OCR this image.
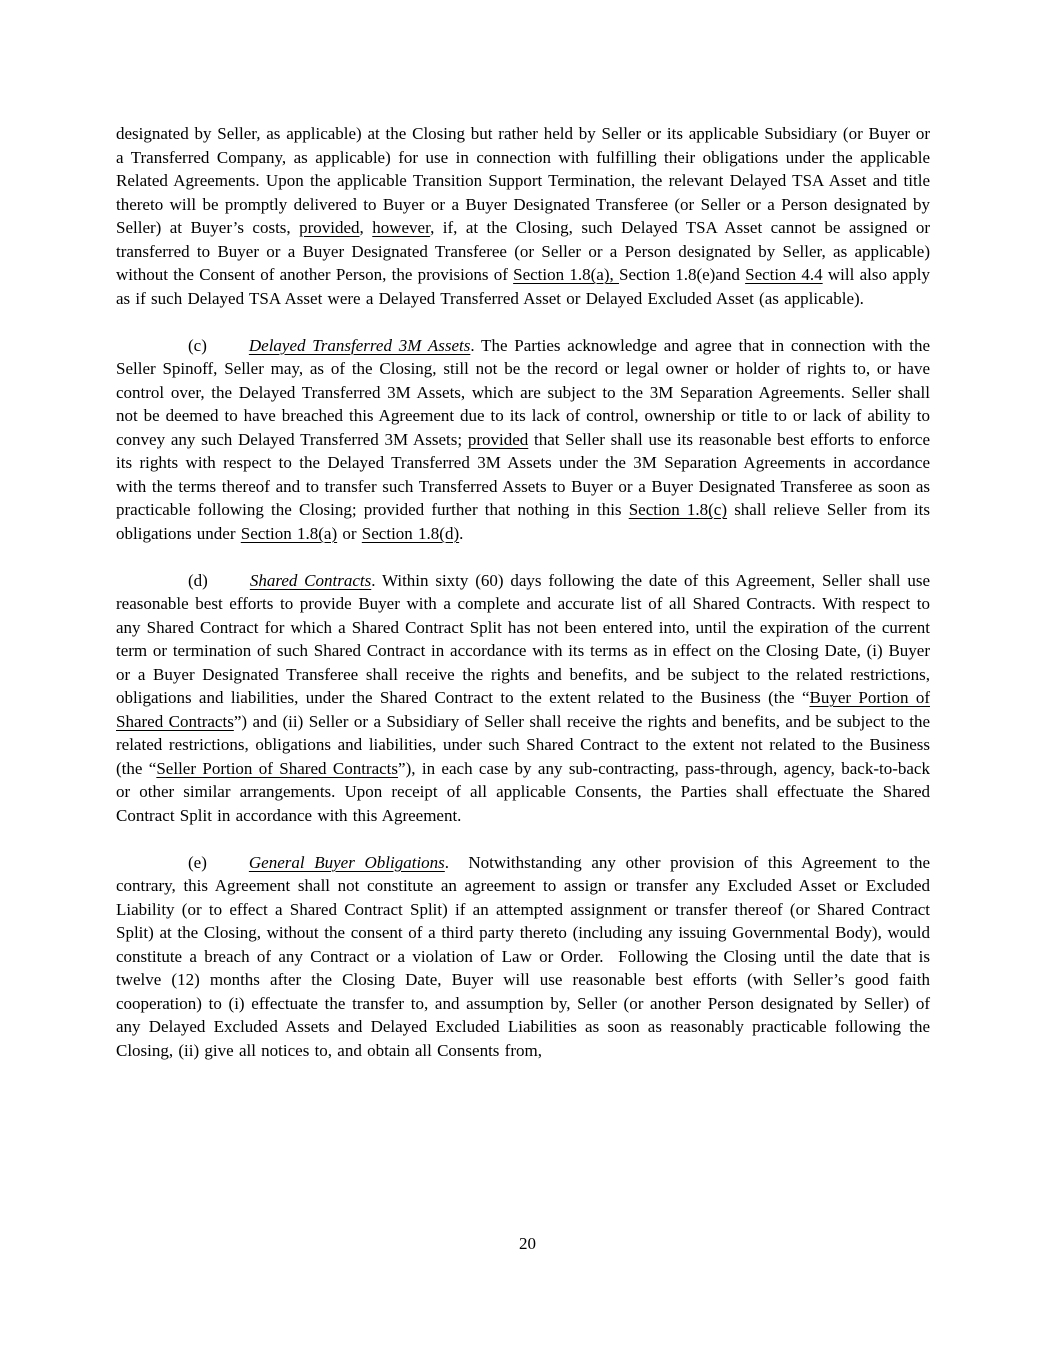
designated by Seller, as applicable) at the Closing but rather held by Seller or its applicable Subsidiary (or Buyer or a Transferred Company, as applicable) for use in connection with fulfilling their obligations under the applicable Related Agreements. Upon the applicable Transition Support Termination, the relevant Delayed TSA Asset and title thereto will be promptly delivered to Buyer or a Buyer Designated Transferee (or Seller or a Person designated by Seller) at Buyer’s costs, provided, however, if, at the Closing, such Delayed TSA Asset cannot be assigned or transferred to Buyer or a Buyer Designated Transferee (or Seller or a Person designated by Seller, as applicable) without the Consent of another Person, the provisions of Section 1.8(a), Section 1.8(e)and Section 4.4 will also apply as if such Delayed TSA Asset were a Delayed Transferred Asset or Delayed Excluded Asset (as applicable).

(c) Delayed Transferred 3M Assets. The Parties acknowledge and agree that in connection with the Seller Spinoff, Seller may, as of the Closing, still not be the record or legal owner or holder of rights to, or have control over, the Delayed Transferred 3M Assets, which are subject to the 3M Separation Agreements. Seller shall not be deemed to have breached this Agreement due to its lack of control, ownership or title to or lack of ability to convey any such Delayed Transferred 3M Assets; provided that Seller shall use its reasonable best efforts to enforce its rights with respect to the Delayed Transferred 3M Assets under the 3M Separation Agreements in accordance with the terms thereof and to transfer such Transferred Assets to Buyer or a Buyer Designated Transferee as soon as practicable following the Closing; provided further that nothing in this Section 1.8(c) shall relieve Seller from its obligations under Section 1.8(a) or Section 1.8(d).

(d) Shared Contracts. Within sixty (60) days following the date of this Agreement, Seller shall use reasonable best efforts to provide Buyer with a complete and accurate list of all Shared Contracts. With respect to any Shared Contract for which a Shared Contract Split has not been entered into, until the expiration of the current term or termination of such Shared Contract in accordance with its terms as in effect on the Closing Date, (i) Buyer or a Buyer Designated Transferee shall receive the rights and benefits, and be subject to the related restrictions, obligations and liabilities, under the Shared Contract to the extent related to the Business (the “Buyer Portion of Shared Contracts”) and (ii) Seller or a Subsidiary of Seller shall receive the rights and benefits, and be subject to the related restrictions, obligations and liabilities, under such Shared Contract to the extent not related to the Business (the “Seller Portion of Shared Contracts”), in each case by any sub-contracting, pass-through, agency, back-to-back or other similar arrangements. Upon receipt of all applicable Consents, the Parties shall effectuate the Shared Contract Split in accordance with this Agreement.

(e) General Buyer Obligations.  Notwithstanding any other provision of this Agreement to the contrary, this Agreement shall not constitute an agreement to assign or transfer any Excluded Asset or Excluded Liability (or to effect a Shared Contract Split) if an attempted assignment or transfer thereof (or Shared Contract Split) at the Closing, without the consent of a third party thereto (including any issuing Governmental Body), would constitute a breach of any Contract or a violation of Law or Order.  Following the Closing until the date that is twelve (12) months after the Closing Date, Buyer will use reasonable best efforts (with Seller’s good faith cooperation) to (i) effectuate the transfer to, and assumption by, Seller (or another Person designated by Seller) of any Delayed Excluded Assets and Delayed Excluded Liabilities as soon as reasonably practicable following the Closing, (ii) give all notices to, and obtain all Consents from,

20
